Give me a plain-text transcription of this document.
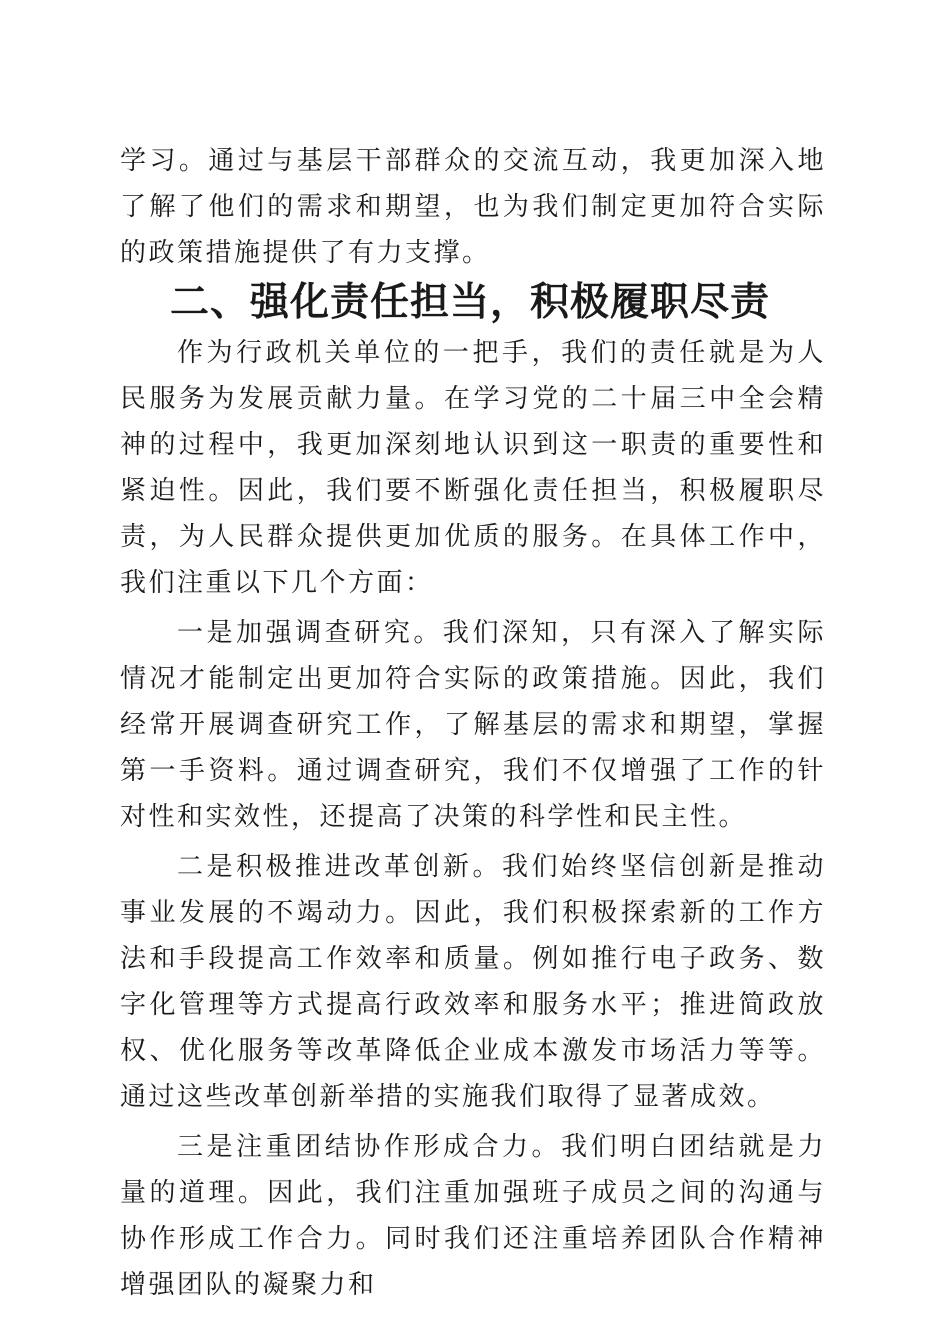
学习。通过与基层干部群众的交流互动，我更加深入地了解了他们的需求和期望，也为我们制定更加符合实际的政策措施提供了有力支撑。

二、强化责任担当，积极履职尽责

作为行政机关单位的一把手，我们的责任就是为人民服务为发展贡献力量。在学习党的二十届三中全会精神的过程中，我更加深刻地认识到这一职责的重要性和紧迫性。因此，我们要不断强化责任担当，积极履职尽责，为人民群众提供更加优质的服务。在具体工作中，我们注重以下几个方面：

一是加强调查研究。我们深知，只有深入了解实际情况才能制定出更加符合实际的政策措施。因此，我们经常开展调查研究工作，了解基层的需求和期望，掌握第一手资料。通过调查研究，我们不仅增强了工作的针对性和实效性，还提高了决策的科学性和民主性。

二是积极推进改革创新。我们始终坚信创新是推动事业发展的不竭动力。因此，我们积极探索新的工作方法和手段提高工作效率和质量。例如推行电子政务、数字化管理等方式提高行政效率和服务水平；推进简政放权、优化服务等改革降低企业成本激发市场活力等等。通过这些改革创新举措的实施我们取得了显著成效。

三是注重团结协作形成合力。我们明白团结就是力量的道理。因此，我们注重加强班子成员之间的沟通与协作形成工作合力。同时我们还注重培养团队合作精神增强团队的凝聚力和
